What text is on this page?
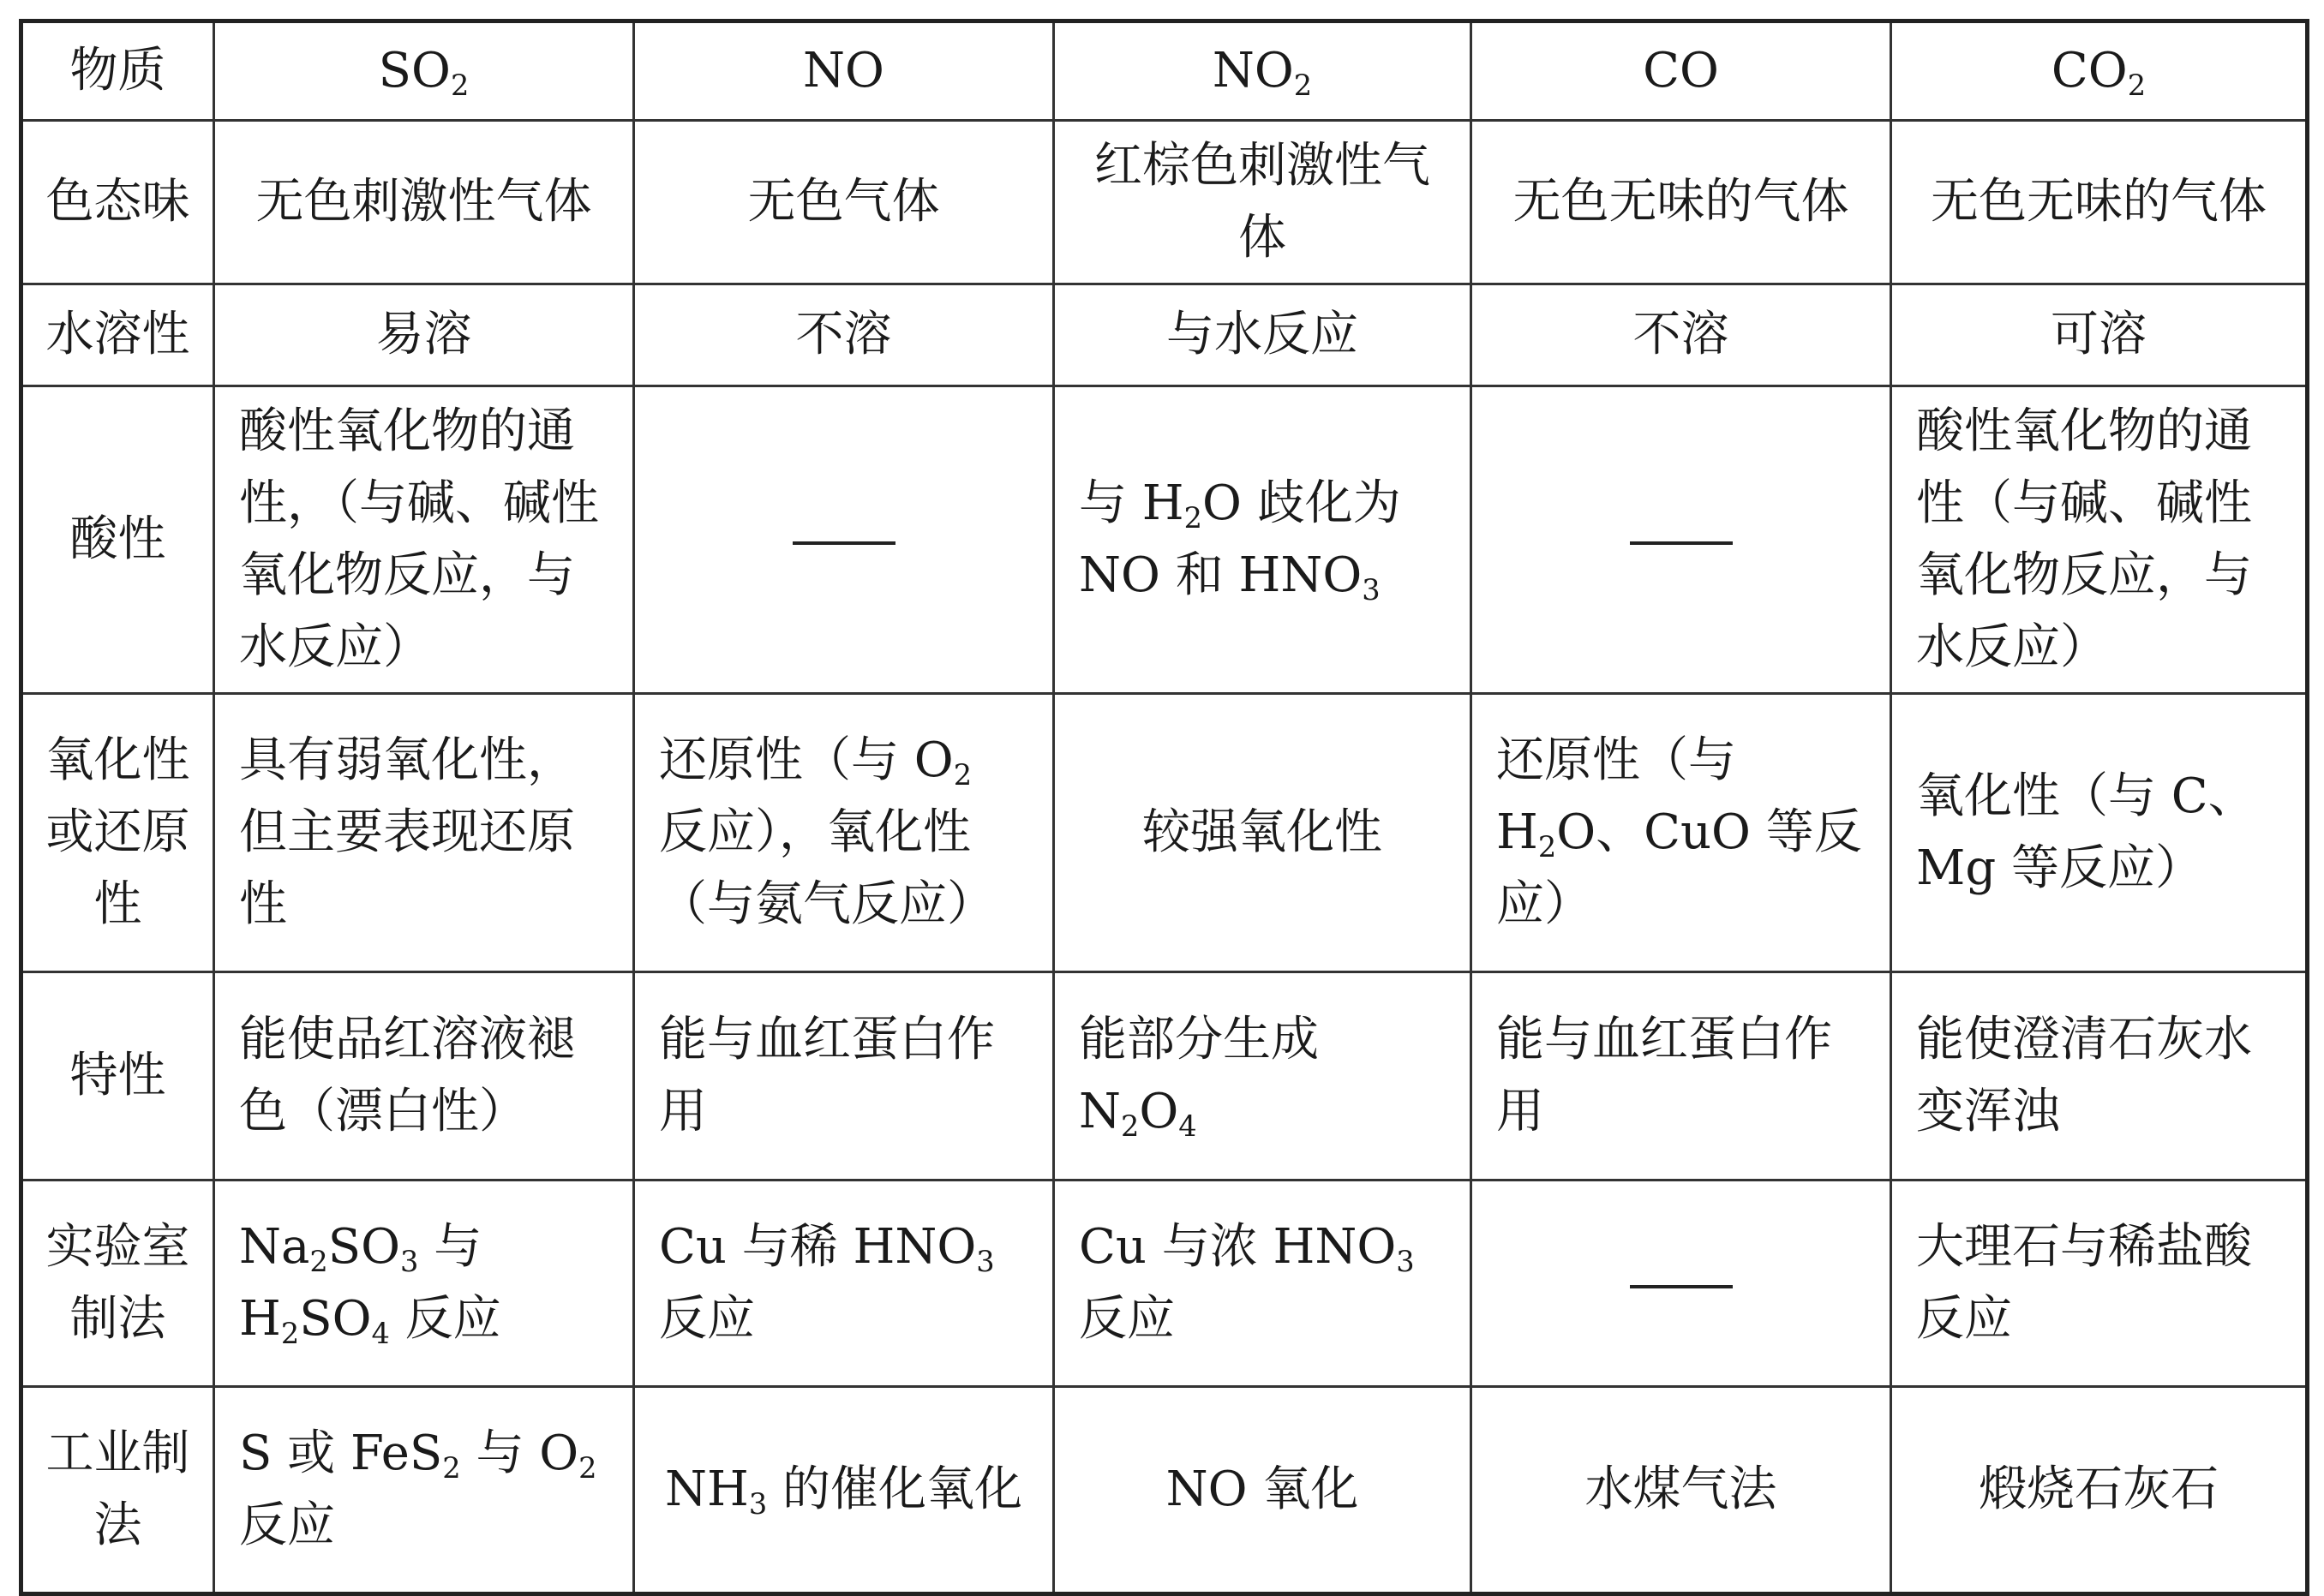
物质	$SO_2$	NO	$NO_2$	CO	$CO_2$
色态味	无色刺激性气体	无色气体	红棕色刺激性气体	无色无味的气体	无色无味的气体
水溶性	易溶	不溶	与水反应	不溶	可溶
酸性	酸性氧化物的通性，（与碱、碱性氧化物反应，与水反应）		与 $H_2O$ 歧化为 NO 和 $HNO_3$		酸性氧化物的通性（与碱、碱性氧化物反应，与水反应）
氧化性或还原性	具有弱氧化性，但主要表现还原性	还原性（与 $O_2$ 反应），氧化性（与氨气反应）	较强氧化性	还原性（与 $H_2O$、CuO 等反应）	氧化性（与 C、Mg 等反应）
特性	能使品红溶液褪色（漂白性）	能与血红蛋白作用	能部分生成 $N_2O_4$	能与血红蛋白作用	能使澄清石灰水变浑浊
实验室制法	$Na_2SO_3$ 与 $H_2SO_4$ 反应	Cu 与稀 $HNO_3$ 反应	Cu 与浓 $HNO_3$ 反应		大理石与稀盐酸反应
工业制法	S 或 FeS$_2$ 与 $O_2$ 反应	$NH_3$ 的催化氧化	NO 氧化	水煤气法	煅烧石灰石
